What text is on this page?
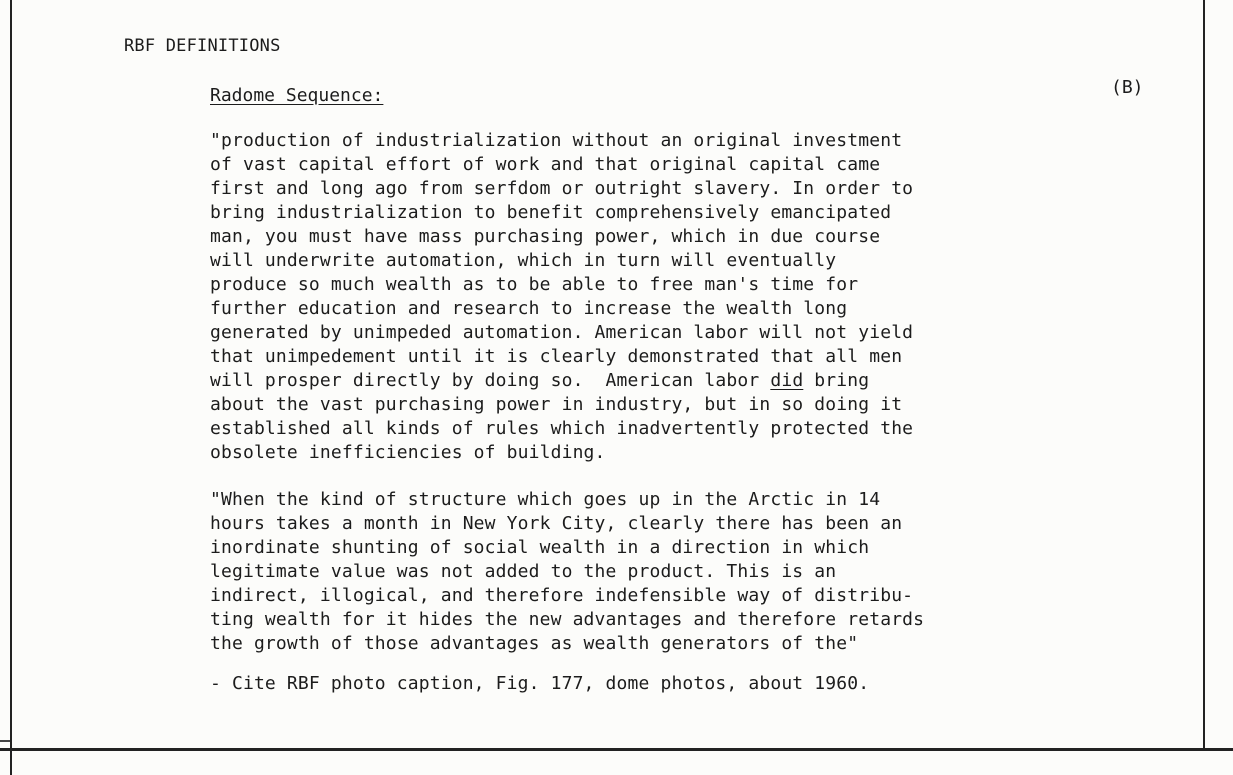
RBF DEFINITIONS
Radome Sequence:	(B)
"production of industrialization without an original investment
of vast capital effort of work and that original capital came
first and long ago from serfdom or outright slavery. In order to
bring industrialization to benefit comprehensively emancipated
man, you must have mass purchasing power, which in due course
will underwrite automation, which in turn will eventually
produce so much wealth as to be able to free man's time for
further education and research to increase the wealth long
generated by unimpeded automation. American labor will not yield
that unimpedement until it is clearly demonstrated that all men
will prosper directly by doing so.  American labor did bring
about the vast purchasing power in industry, but in so doing it
established all kinds of rules which inadvertently protected the
obsolete inefficiencies of building.
"When the kind of structure which goes up in the Arctic in 14
hours takes a month in New York City, clearly there has been an
inordinate shunting of social wealth in a direction in which
legitimate value was not added to the product. This is an
indirect, illogical, and therefore indefensible way of distribu-
ting wealth for it hides the new advantages and therefore retards
the growth of those advantages as wealth generators of the"
- Cite RBF photo caption, Fig. 177, dome photos, about 1960.
